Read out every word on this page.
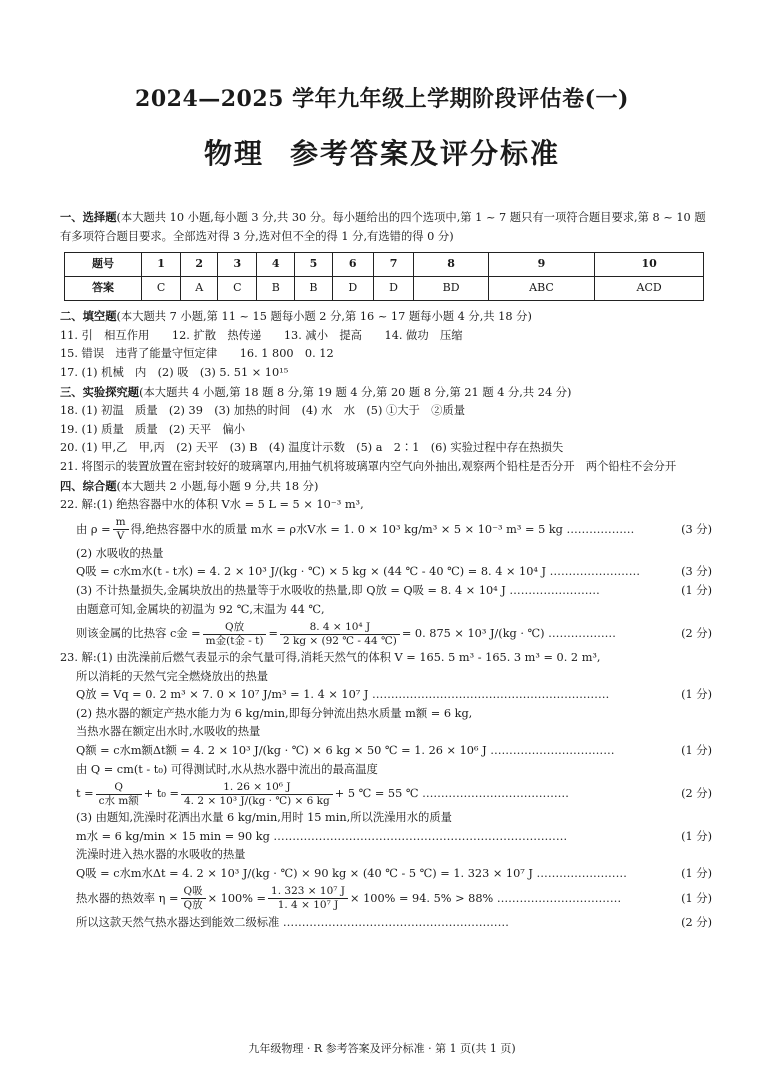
2024—2025 学年九年级上学期阶段评估卷(一)
物理 参考答案及评分标准
一、选择题(本大题共 10 小题,每小题 3 分,共 30 分。每小题给出的四个选项中,第 1 ~ 7 题只有一项符合题目要求,第 8 ~ 10 题有多项符合题目要求。全部选对得 3 分,选对但不全的得 1 分,有选错的得 0 分)
题号	1	2	3	4	5	6	7	8	9	10
答案	C	A	C	B	B	D	D	BD	ABC	ACD
二、填空题(本大题共 7 小题,第 11 ~ 15 题每小题 2 分,第 16 ~ 17 题每小题 4 分,共 18 分)
11. 引　相互作用　　12. 扩散　热传递　　13. 减小　提高　　14. 做功　压缩
15. 错误　违背了能量守恒定律　　16. 1 800　0. 12
17. (1) 机械　内　(2) 吸　(3) 5. 51 × 10¹⁵
三、实验探究题(本大题共 4 小题,第 18 题 8 分,第 19 题 4 分,第 20 题 8 分,第 21 题 4 分,共 24 分)
18. (1) 初温　质量　(2) 39　(3) 加热的时间　(4) 水　水　(5) ①大于　②质量
19. (1) 质量　质量　(2) 天平　偏小
20. (1) 甲,乙　甲,丙　(2) 天平　(3) B　(4) 温度计示数　(5) a　2∶1　(6) 实验过程中存在热损失
21. 将图示的装置放置在密封较好的玻璃罩内,用抽气机将玻璃罩内空气向外抽出,观察两个铅柱是否分开　两个铅柱不会分开
四、综合题(本大题共 2 小题,每小题 9 分,共 18 分)
22. 解:(1) 绝热容器中水的体积 V水 = 5 L = 5 × 10⁻³ m³,
由 $\rho = \frac{m}{V}$ 得,绝热容器中水的质量 m水 = ρ水V水 = 1. 0 × 10³ kg/m³ × 5 × 10⁻³ m³ = 5 kg ………………	(3 分)
(2) 水吸收的热量
Q吸 = c水m水(t - t水) = 4. 2 × 10³ J/(kg · ℃) × 5 kg × (44 ℃ - 40 ℃) = 8. 4 × 10⁴ J ……………………	(3 分)
(3) 不计热量损失,金属块放出的热量等于水吸收的热量,即 Q放 = Q吸 = 8. 4 × 10⁴ J ……………………	(1 分)
由题意可知,金属块的初温为 92 ℃,末温为 44 ℃,
则该金属的比热容 c金 = $\frac{\text{Q放}}{\text{m金(t金 - t)}} = \frac{\text{8. 4 × 10⁴ J}}{2 kg \times (92 ℃ - 44 ℃)} = 0$. 875 × 10³ J/(kg · ℃) ………………	(2 分)
23. 解:(1) 由洗澡前后燃气表显示的余气量可得,消耗天然气的体积 V = 165. 5 m³ - 165. 3 m³ = 0. 2 m³,
所以消耗的天然气完全燃烧放出的热量
Q放 = Vq = 0. 2 m³ × 7. 0 × 10⁷ J/m³ = 1. 4 × 10⁷ J ………………………………………………………	(1 分)
(2) 热水器的额定产热水能力为 6 kg/min,即每分钟流出热水质量 m额 = 6 kg,
当热水器在额定出水时,水吸收的热量
Q额 = c水m额Δt额 = 4. 2 × 10³ J/(kg · ℃) × 6 kg × 50 ℃ = 1. 26 × 10⁶ J ……………………………	(1 分)
由 Q = cm(t - t₀) 可得测试时,水从热水器中流出的最高温度
$t = \frac{Q}{\text{c水 m额}} + t_0 = \frac{\text{1. 26 × 10⁶ J}}{\text{4. 2 × 10³ J/(kg · ℃) × 6 kg}} + 5$ ℃ = 55 ℃ …………………………………	(2 分)
(3) 由题知,洗澡时花洒出水量 6 kg/min,用时 15 min,所以洗澡用水的质量
m水 = 6 kg/min × 15 min = 90 kg ……………………………………………………………………	(1 分)
洗澡时进入热水器的水吸收的热量
Q吸 = c水m水Δt = 4. 2 × 10³ J/(kg · ℃) × 90 kg × (40 ℃ - 5 ℃) = 1. 323 × 10⁷ J ……………………	(1 分)
热水器的热效率 $\eta = \frac{\text{Q吸}}{\text{Q放}} \times 100\% = \frac{\text{1. 323 × 10⁷ J}}{\text{1. 4 × 10⁷ J}} \times 100\% = 94$. 5% > 88% ……………………………	(1 分)
所以这款天然气热水器达到能效二级标准 ……………………………………………………	(2 分)
九年级物理 · R 参考答案及评分标准 · 第 1 页(共 1 页)
